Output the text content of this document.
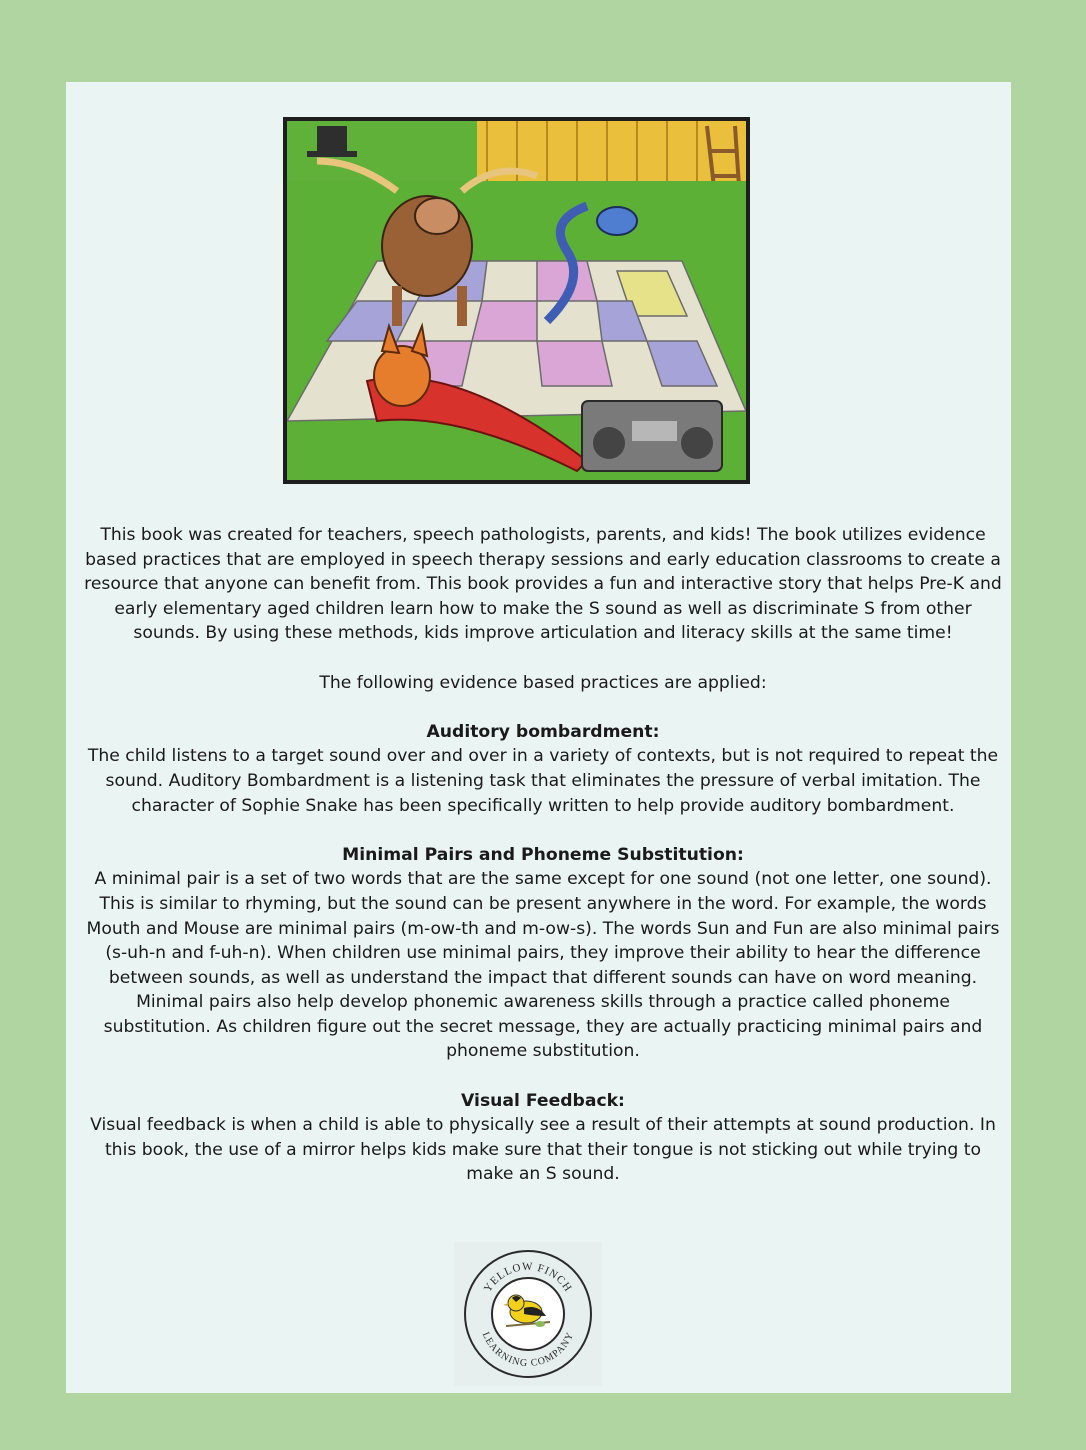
This book was created for teachers, speech pathologists, parents, and kids! The book utilizes evidence based practices that are employed in speech therapy sessions and early education classrooms to create a resource that anyone can benefit from. This book provides a fun and interactive story that helps Pre-K and early elementary aged children learn how to make the S sound as well as discriminate S from other sounds. By using these methods, kids improve articulation and literacy skills at the same time!

The following evidence based practices are applied:

Auditory bombardment:
The child listens to a target sound over and over in a variety of contexts, but is not required to repeat the sound. Auditory Bombardment is a listening task that eliminates the pressure of verbal imitation. The character of Sophie Snake has been specifically written to help provide auditory bombardment.

Minimal Pairs and Phoneme Substitution:
A minimal pair is a set of two words that are the same except for one sound (not one letter, one sound). This is similar to rhyming, but the sound can be present anywhere in the word. For example, the words Mouth and Mouse are minimal pairs (m-ow-th and m-ow-s). The words Sun and Fun are also minimal pairs (s-uh-n and f-uh-n). When children use minimal pairs, they improve their ability to hear the difference between sounds, as well as understand the impact that different sounds can have on word meaning. Minimal pairs also help develop phonemic awareness skills through a practice called phoneme substitution. As children figure out the secret message, they are actually practicing minimal pairs and phoneme substitution.

Visual Feedback:
Visual feedback is when a child is able to physically see a result of their attempts at sound production. In this book, the use of a mirror helps kids make sure that their tongue is not sticking out while trying to make an S sound.

YELLOW FINCH
LEARNING COMPANY
